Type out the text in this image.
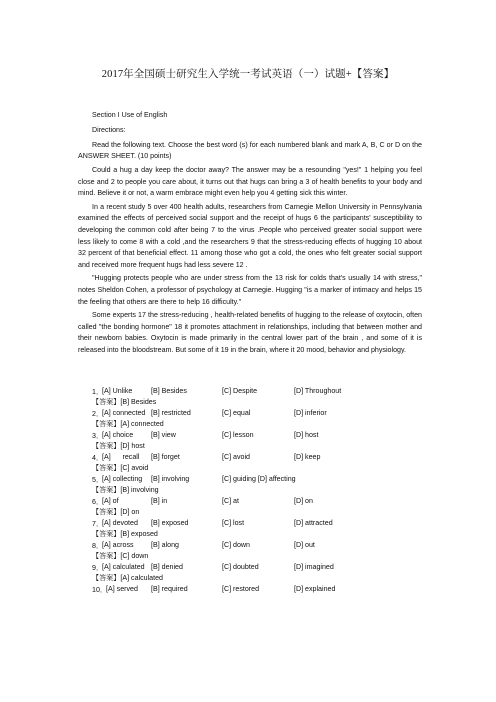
2017年全国硕士研究生入学统一考试英语（一）试题+【答案】

Section I Use of English

Directions:

Read the following text. Choose the best word (s) for each numbered blank and mark A, B, C or D on the ANSWER SHEET. (10 points)

Could a hug a day keep the doctor away? The answer may be a resounding "yes!" 1 helping you feel close and 2 to people you care about, it turns out that hugs can bring a 3 of health benefits to your body and mind. Believe it or not, a warm embrace might even help you 4 getting sick this winter.

In a recent study 5 over 400 health adults, researchers from Carnegie Mellon University in Pennsylvania examined the effects of perceived social support and the receipt of hugs 6 the participants' susceptibility to developing the common cold after being 7 to the virus .People who perceived greater social support were less likely to come 8 with a cold ,and the researchers 9 that the stress-reducing effects of hugging 10 about 32 percent of that beneficial effect. 11 among those who got a cold, the ones who felt greater social support and received more frequent hugs had less severe 12 .

"Hugging protects people who are under stress from the 13 risk for colds that's usually 14 with stress," notes Sheldon Cohen, a professor of psychology at Carnegie. Hugging "is a marker of intimacy and helps 15 the feeling that others are there to help 16 difficulty."

Some experts 17 the stress-reducing , health-related benefits of hugging to the release of oxytocin, often called "the bonding hormone" 18 it promotes attachment in relationships, including that between mother and their newborn babies. Oxytocin is made primarily in the central lower part of the brain , and some of it is released into the bloodstream. But some of it 19 in the brain, where it 20 mood, behavior and physiology.

1．
[A] Unlike	[B] Besides	[C] Despite	[D] Throughout
【答案】[B] Besides
2．
[A] connected [B] restricted	[C] equal	[D] inferior
【答案】[A] connected
3．
[A] choice	[B] view	[C] lesson	[D] host
【答案】[D] host
4．
[A]      recall [B] forget	[C] avoid	[D] keep
【答案】[C] avoid
5．
[A] collecting [B] involving	[C] guiding [D] affecting
【答案】[B] involving
6．
[A] of	[B] in	[C] at	[D] on
【答案】[D] on
7．
[A] devoted [B] exposed	[C] lost	[D] attracted
【答案】[B] exposed
8．
[A] across [B] along	[C] down	[D] out
【答案】[C] down
9．
[A] calculated [B] denied	[C] doubted	[D] imagined
【答案】[A] calculated
10． [A] served [B] required	[C] restored	[D] explained
